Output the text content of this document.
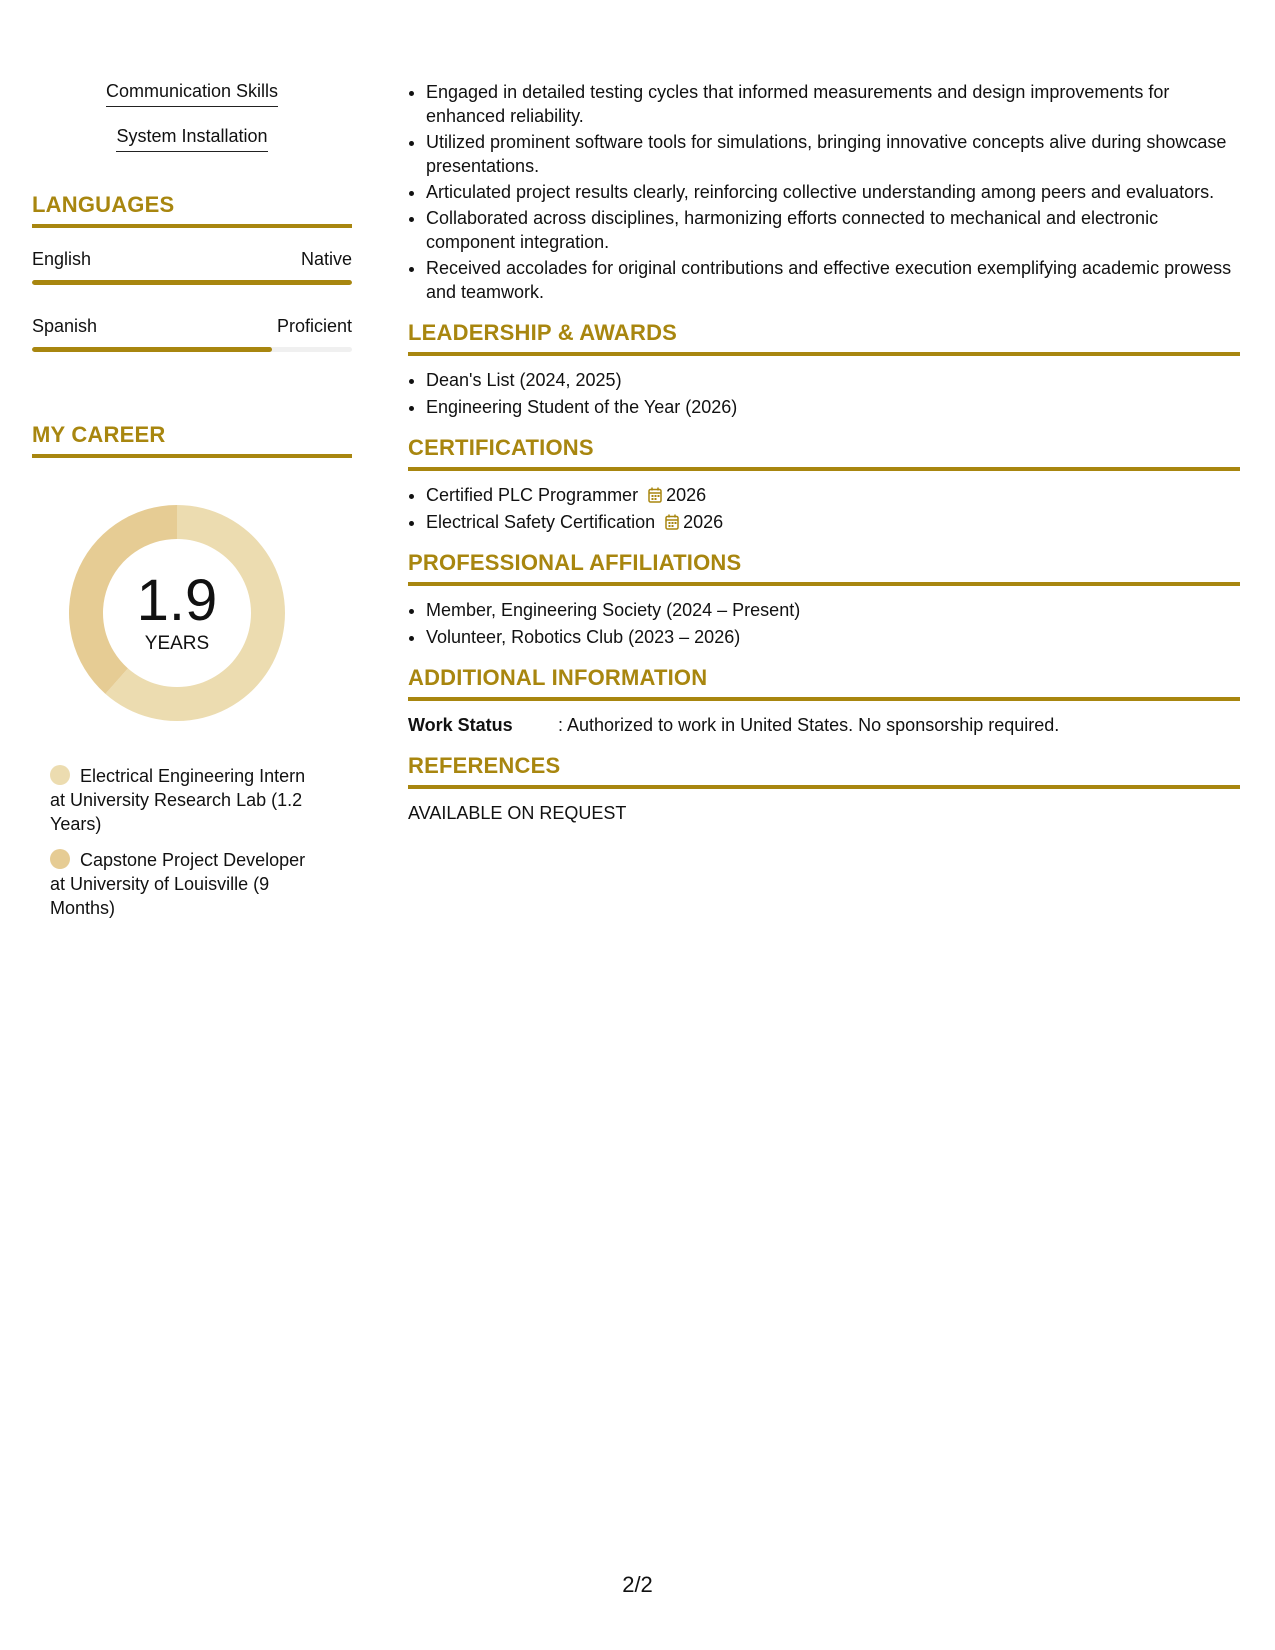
Communication Skills
System Installation
LANGUAGES
English	Native
Spanish	Proficient
MY CAREER
1.9
YEARS
Electrical Engineering Intern at University Research Lab (1.2 Years)
Capstone Project Developer at University of Louisville (9 Months)
• Engaged in detailed testing cycles that informed measurements and design improvements for enhanced reliability.
• Utilized prominent software tools for simulations, bringing innovative concepts alive during showcase presentations.
• Articulated project results clearly, reinforcing collective understanding among peers and evaluators.
• Collaborated across disciplines, harmonizing efforts connected to mechanical and electronic component integration.
• Received accolades for original contributions and effective execution exemplifying academic prowess and teamwork.
LEADERSHIP & AWARDS
• Dean's List (2024, 2025)
• Engineering Student of the Year (2026)
CERTIFICATIONS
• Certified PLC Programmer 2026
• Electrical Safety Certification 2026
PROFESSIONAL AFFILIATIONS
• Member, Engineering Society (2024 – Present)
• Volunteer, Robotics Club (2023 – 2026)
ADDITIONAL INFORMATION
Work Status	: Authorized to work in United States. No sponsorship required.
REFERENCES
AVAILABLE ON REQUEST
2/2
